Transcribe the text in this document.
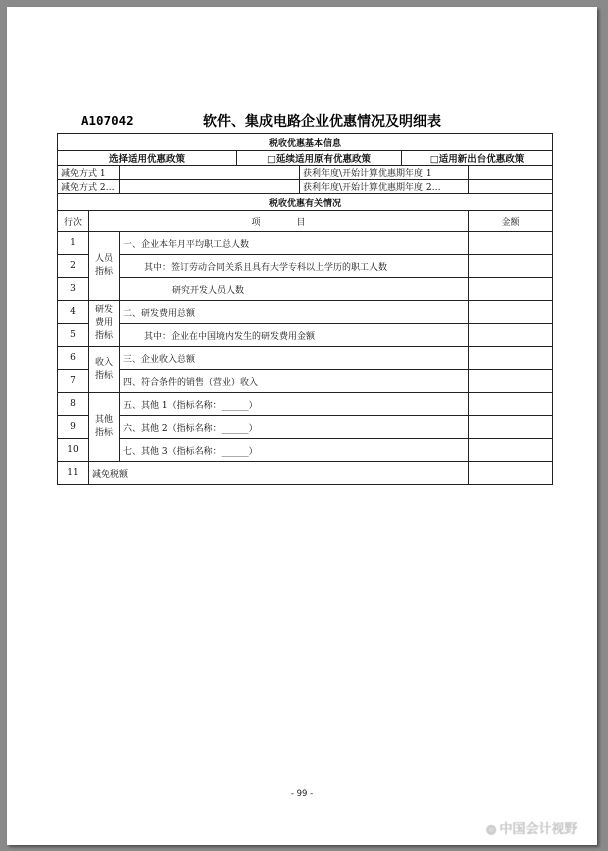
A107042	软件、集成电路企业优惠情况及明细表
- 99 -
税收优惠基本信息						
选择适用优惠政策			□延续适用原有优惠政策		□适用新出台优惠政策	
减免方式 1				获利年度\开始计算优惠期年度 1		
减免方式 2…				获利年度\开始计算优惠期年度 2…		
税收优惠有关情况						
行次	项　　　　目					金额
1	人员指标	一、企业本年月平均职工总人数				
2		其中：签订劳动合同关系且具有大学专科以上学历的职工人数				
3		研究开发人员人数				
4	研发费用指标	二、研发费用总额				
5		其中：企业在中国境内发生的研发费用金额				
6	收入指标	三、企业收入总额				
7		四、符合条件的销售（营业）收入				
8	其他指标	五、其他 1（指标名称：______）				
9		六、其他 2（指标名称：______）				
10		七、其他 3（指标名称：______）				
11	减免税额					
◉ 中国会计视野
